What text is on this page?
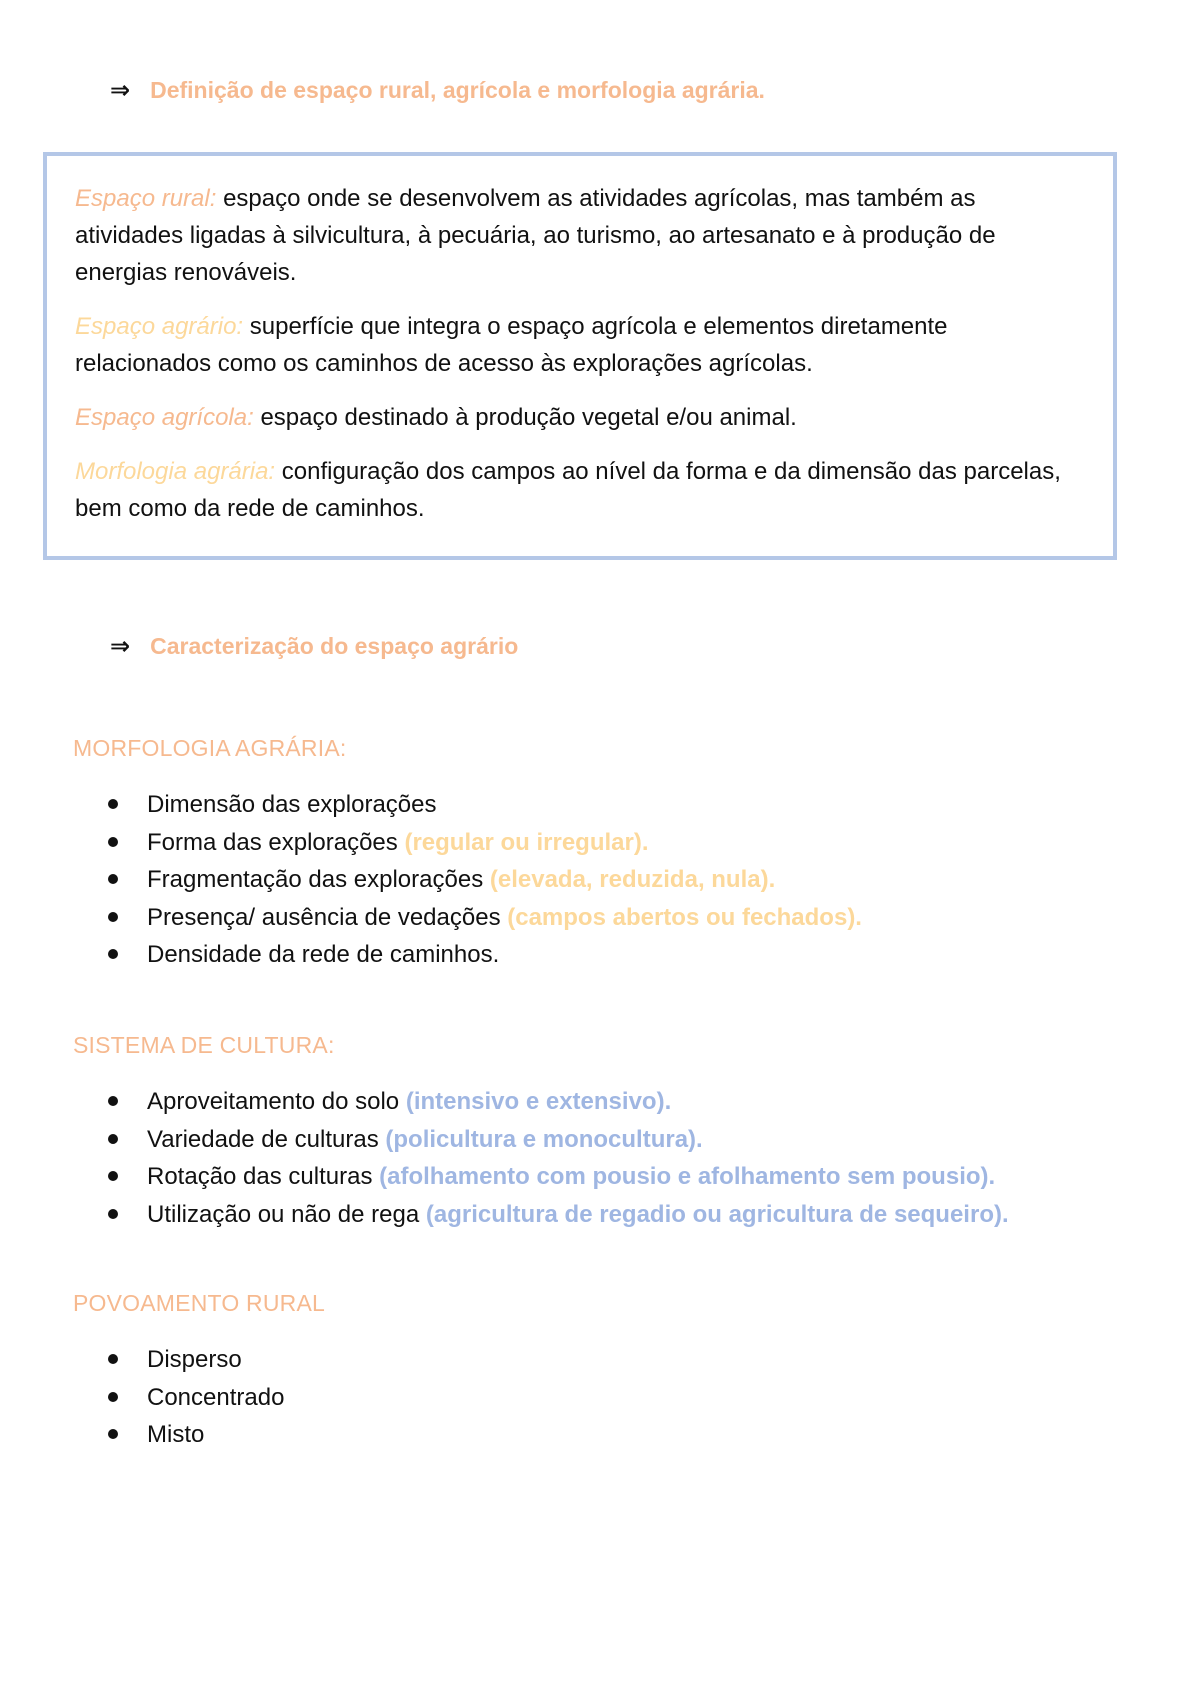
⇒ Definição de espaço rural, agrícola e morfologia agrária.

Espaço rural: espaço onde se desenvolvem as atividades agrícolas, mas também as atividades ligadas à silvicultura, à pecuária, ao turismo, ao artesanato e à produção de energias renováveis.

Espaço agrário: superfície que integra o espaço agrícola e elementos diretamente relacionados como os caminhos de acesso às explorações agrícolas.

Espaço agrícola: espaço destinado à produção vegetal e/ou animal.

Morfologia agrária: configuração dos campos ao nível da forma e da dimensão das parcelas, bem como da rede de caminhos.

⇒ Caracterização do espaço agrário
MORFOLOGIA AGRÁRIA:
Dimensão das explorações
Forma das explorações (regular ou irregular).
Fragmentação das explorações (elevada, reduzida, nula).
Presença/ ausência de vedações (campos abertos ou fechados).
Densidade da rede de caminhos.
SISTEMA DE CULTURA:
Aproveitamento do solo (intensivo e extensivo).
Variedade de culturas (policultura e monocultura).
Rotação das culturas (afolhamento com pousio e afolhamento sem pousio).
Utilização ou não de rega (agricultura de regadio ou agricultura de sequeiro).
POVOAMENTO RURAL
Disperso
Concentrado
Misto
